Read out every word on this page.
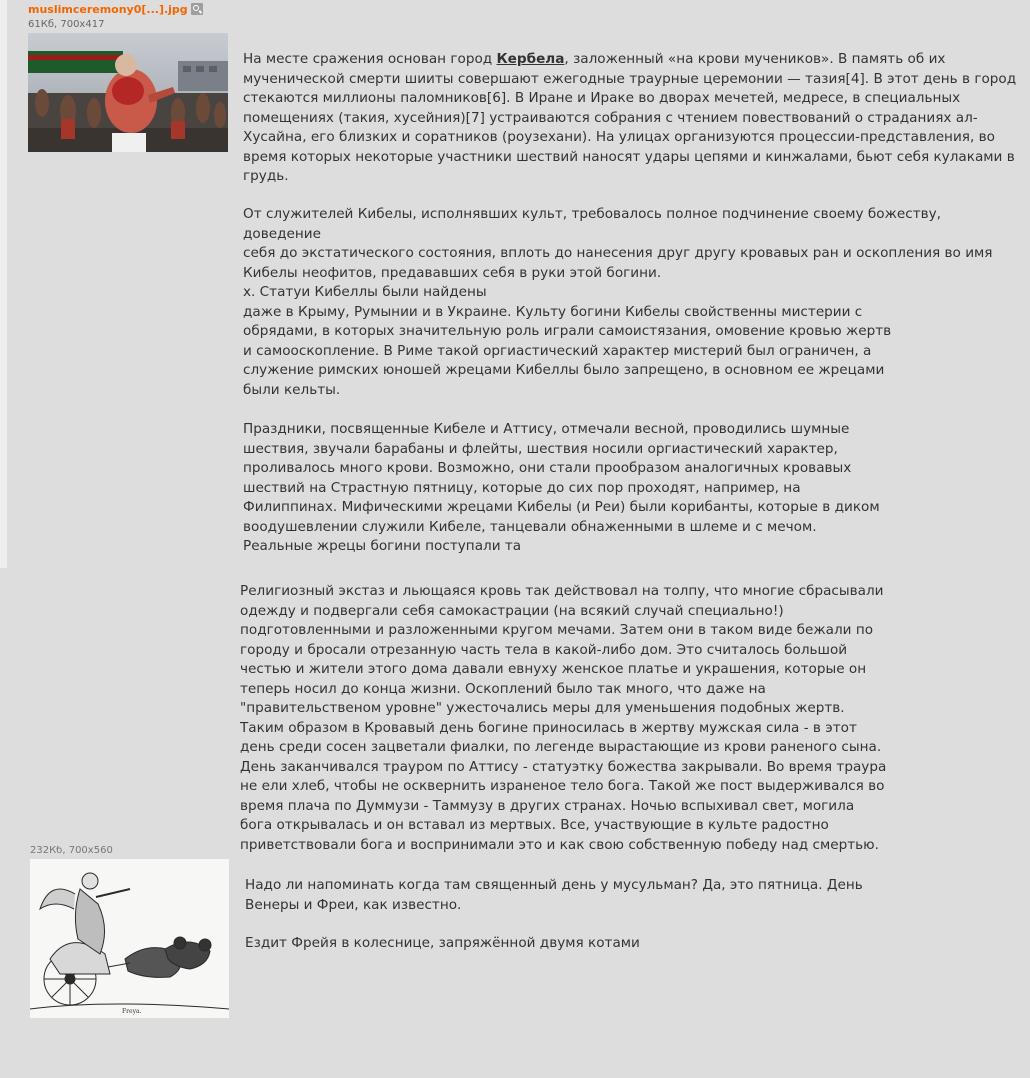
muslimceremony0[...].jpg
61Кб, 700x417
На месте сражения основан город Кербела, заложенный «на крови мучеников». В память об их
мученической смерти шииты совершают ежегодные траурные церемонии — тазия[4]. В этот день в город
стекаются миллионы паломников[6]. В Иране и Ираке во дворах мечетей, медресе, в специальных
помещениях (такия, хусейния)[7] устраиваются собрания с чтением повествований о страданиях ал-
Хусайна, его близких и соратников (роузехани). На улицах организуются процессии-представления, во
время которых некоторые участники шествий наносят удары цепями и кинжалами, бьют себя кулаками в
грудь.
От служителей Кибелы, исполнявших культ, требовалось полное подчинение своему божеству, доведение
себя до экстатического состояния, вплоть до нанесения друг другу кровавых ран и оскопления во имя
Кибелы неофитов, предававших себя в руки этой богини.
x. Статуи Кибеллы были найдены
даже в Крыму, Румынии и в Украине. Культу богини Кибелы свойственны мистерии с
обрядами, в которых значительную роль играли самоистязания, омовение кровью жертв
и самооскопление. В Риме такой оргиастический характер мистерий был ограничен, а
служение римских юношей жрецами Кибеллы было запрещено, в основном ее жрецами
были кельты.
Праздники, посвященные Кибеле и Аттису, отмечали весной, проводились шумные
шествия, звучали барабаны и флейты, шествия носили оргиастический характер,
проливалось много крови. Возможно, они стали прообразом аналогичных кровавых
шествий на Страстную пятницу, которые до сих пор проходят, например, на
Филиппинах. Мифическими жрецами Кибелы (и Реи) были корибанты, которые в диком
воодушевлении служили Кибеле, танцевали обнаженными в шлеме и с мечом.
Реальные жрецы богини поступали та
Религиозный экстаз и льющаяся кровь так действовал на толпу, что многие сбрасывали
одежду и подвергали себя самокастрации (на всякий случай специально!)
подготовленными и разложенными кругом мечами. Затем они в таком виде бежали по
городу и бросали отрезанную часть тела в какой-либо дом. Это считалось большой
честью и жители этого дома давали евнуху женское платье и украшения, которые он
теперь носил до конца жизни. Оскоплений было так много, что даже на
"правительственом уровне" ужесточались меры для уменьшения подобных жертв.
Таким образом в Кровавый день богине приносилась в жертву мужская сила - в этот
день среди сосен зацветали фиалки, по легенде вырастающие из крови раненого сына.
День заканчивался трауром по Аттису - статуэтку божества закрывали. Во время траура
не ели хлеб, чтобы не осквернить израненое тело бога. Такой же пост выдерживался во
время плача по Думмузи - Таммузу в других странах. Ночью вспыхивал свет, могила
бога открывалась и он вставал из мертвых. Все, участвующие в культе радостно
приветствовали бога и воспринимали это и как свою собственную победу над смертью.
232Кб, 700x560
Freya.
Надо ли напоминать когда там священный день у мусульман? Да, это пятница. День
Венеры и Фреи, как известно.
Ездит Фрейя в колеснице, запряжённой двумя котами
